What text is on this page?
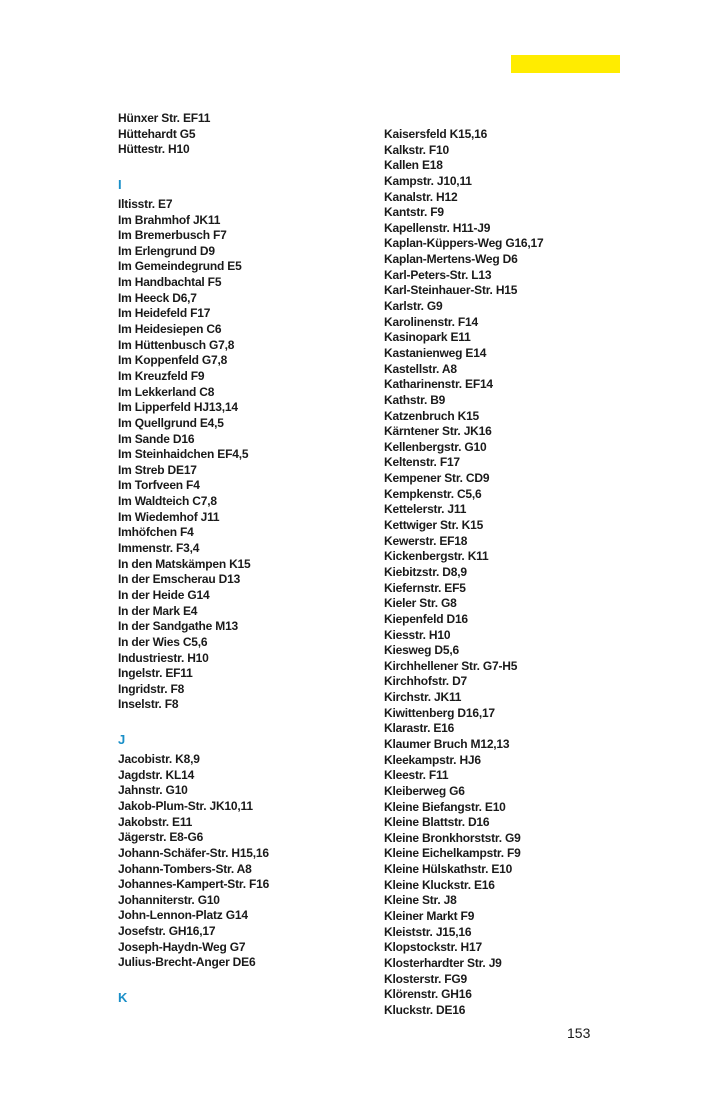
Hünxer Str. EF11
Hüttehardt G5
Hüttestr. H10
I
Iltisstr. E7
Im Brahmhof JK11
Im Bremerbusch F7
Im Erlengrund D9
Im Gemeindegrund E5
Im Handbachtal F5
Im Heeck D6,7
Im Heidefeld F17
Im Heidesiepen C6
Im Hüttenbusch G7,8
Im Koppenfeld G7,8
Im Kreuzfeld F9
Im Lekkerland C8
Im Lipperfeld HJ13,14
Im Quellgrund E4,5
Im Sande D16
Im Steinhaidchen EF4,5
Im Streb DE17
Im Torfveen F4
Im Waldteich C7,8
Im Wiedemhof J11
Imhöfchen F4
Immenstr. F3,4
In den Matskämpen K15
In der Emscherau D13
In der Heide G14
In der Mark E4
In der Sandgathe M13
In der Wies C5,6
Industriestr. H10
Ingelstr. EF11
Ingridstr. F8
Inselstr. F8
J
Jacobistr. K8,9
Jagdstr. KL14
Jahnstr. G10
Jakob-Plum-Str. JK10,11
Jakobstr. E11
Jägerstr. E8-G6
Johann-Schäfer-Str. H15,16
Johann-Tombers-Str. A8
Johannes-Kampert-Str. F16
Johanniterstr. G10
John-Lennon-Platz G14
Josefstr. GH16,17
Joseph-Haydn-Weg G7
Julius-Brecht-Anger DE6
K
Kaisersfeld K15,16
Kalkstr. F10
Kallen E18
Kampstr. J10,11
Kanalstr. H12
Kantstr. F9
Kapellenstr. H11-J9
Kaplan-Küppers-Weg G16,17
Kaplan-Mertens-Weg D6
Karl-Peters-Str. L13
Karl-Steinhauer-Str. H15
Karlstr. G9
Karolinenstr. F14
Kasinopark E11
Kastanienweg E14
Kastellstr. A8
Katharinenstr. EF14
Kathstr. B9
Katzenbruch K15
Kärntener Str. JK16
Kellenbergstr. G10
Keltenstr. F17
Kempener Str. CD9
Kempkenstr. C5,6
Kettelerstr. J11
Kettwiger Str. K15
Kewerstr. EF18
Kickenbergstr. K11
Kiebitzstr. D8,9
Kiefernstr. EF5
Kieler Str. G8
Kiepenfeld D16
Kiesstr. H10
Kiesweg D5,6
Kirchhellener Str. G7-H5
Kirchhofstr. D7
Kirchstr. JK11
Kiwittenberg D16,17
Klarastr. E16
Klaumer Bruch M12,13
Kleekampstr. HJ6
Kleestr. F11
Kleiberweg G6
Kleine Biefangstr. E10
Kleine Blattstr. D16
Kleine Bronkhorststr. G9
Kleine Eichelkampstr. F9
Kleine Hülskathstr. E10
Kleine Kluckstr. E16
Kleine Str. J8
Kleiner Markt F9
Kleiststr. J15,16
Klopstockstr. H17
Klosterhardter Str. J9
Klosterstr. FG9
Klörenstr. GH16
Kluckstr. DE16
153
